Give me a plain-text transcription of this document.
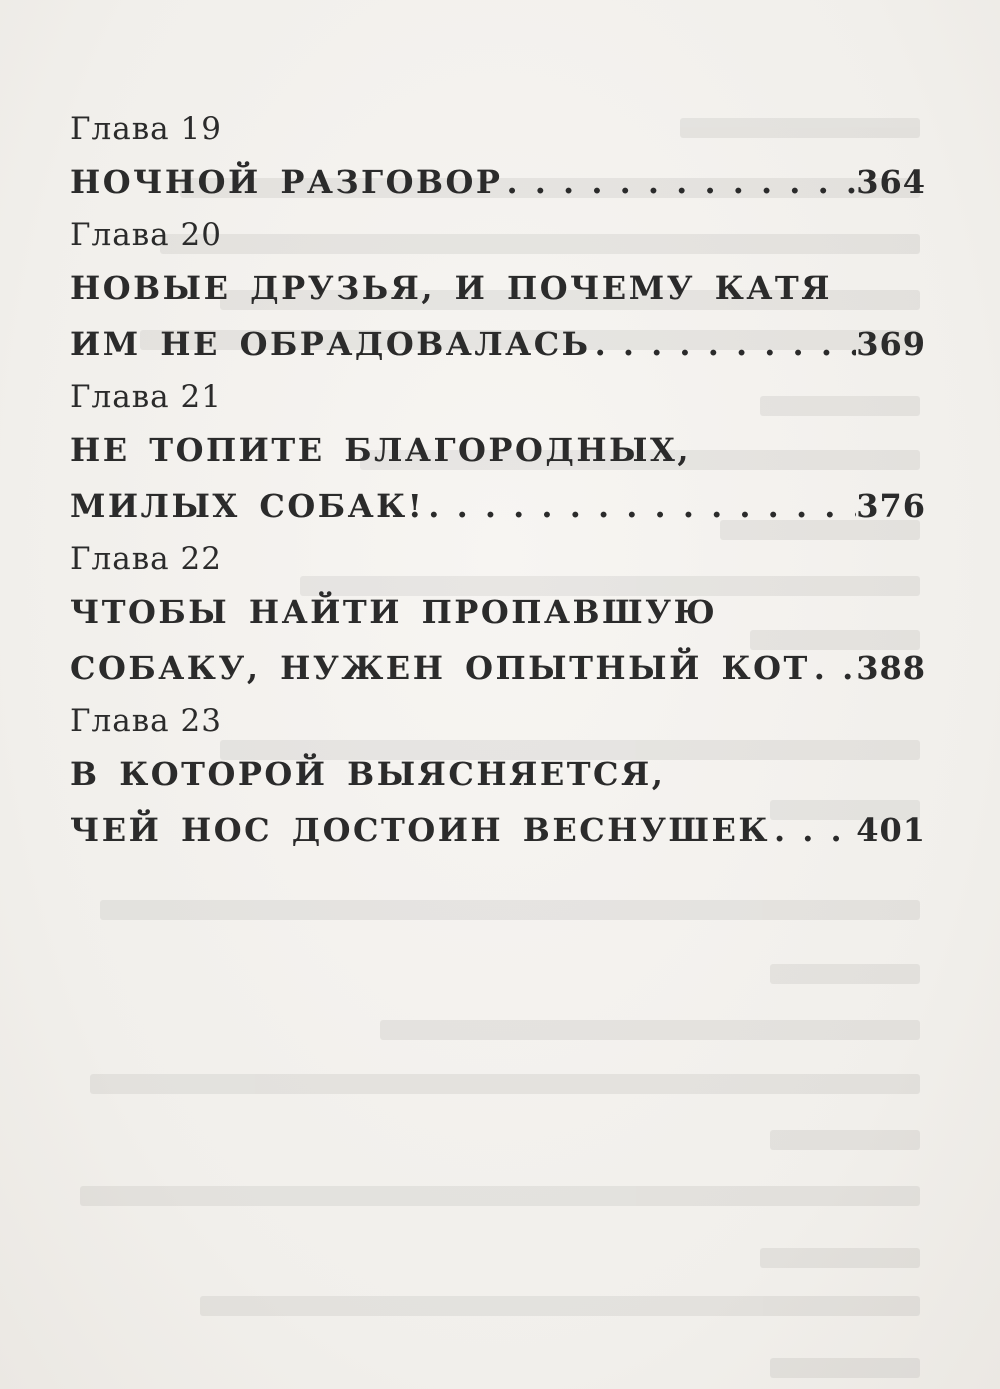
Глава 19
НОЧНОЙ РАЗГОВОР . . .	364
Глава 20
НОВЫЕ ДРУЗЬЯ, И ПОЧЕМУ КАТЯ
ИМ НЕ ОБРАДОВАЛАСЬ . . .	369
Глава 21
НЕ ТОПИТЕ БЛАГОРОДНЫХ,
МИЛЫХ СОБАК! . . .	376
Глава 22
ЧТОБЫ НАЙТИ ПРОПАВШУЮ
СОБАКУ, НУЖЕН ОПЫТНЫЙ КОТ . . . 388
Глава 23
В КОТОРОЙ ВЫЯСНЯЕТСЯ,
ЧЕЙ НОС ДОСТОИН ВЕСНУШЕК . . .	401
